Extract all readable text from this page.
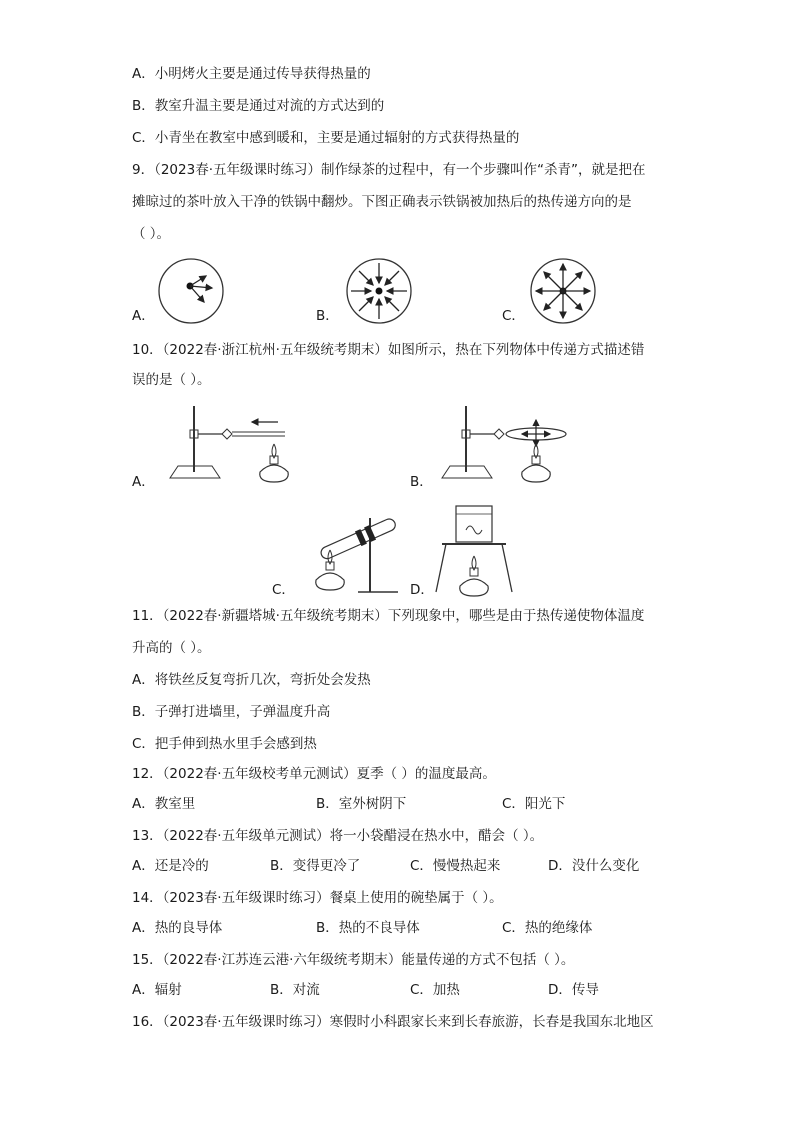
A．小明烤火主要是通过传导获得热量的
B．教室升温主要是通过对流的方式达到的
C．小青坐在教室中感到暖和，主要是通过辐射的方式获得热量的
9．（2023春·五年级课时练习）制作绿茶的过程中，有一个步骤叫作“杀青”，就是把在
摊晾过的茶叶放入干净的铁锅中翻炒。下图正确表示铁锅被加热后的热传递方向的是
（ ）。
A．	B．	C．
10．（2022春·浙江杭州·五年级统考期末）如图所示，热在下列物体中传递方式描述错
误的是（ ）。
A．	B．
C．	D．
11．（2022春·新疆塔城·五年级统考期末）下列现象中，哪些是由于热传递使物体温度
升高的（ ）。
A．将铁丝反复弯折几次，弯折处会发热
B．子弹打进墙里，子弹温度升高
C．把手伸到热水里手会感到热
12．（2022春·五年级校考单元测试）夏季（ ）的温度最高。
A．教室里	B．室外树阴下	C．阳光下
13．（2022春·五年级单元测试）将一小袋醋浸在热水中，醋会（ ）。
A．还是冷的	B．变得更冷了	C．慢慢热起来	D．没什么变化
14．（2023春·五年级课时练习）餐桌上使用的碗垫属于（ ）。
A．热的良导体	B．热的不良导体	C．热的绝缘体
15．（2022春·江苏连云港·六年级统考期末）能量传递的方式不包括（ ）。
A．辐射	B．对流	C．加热	D．传导
16．（2023春·五年级课时练习）寒假时小科跟家长来到长春旅游，长春是我国东北地区
